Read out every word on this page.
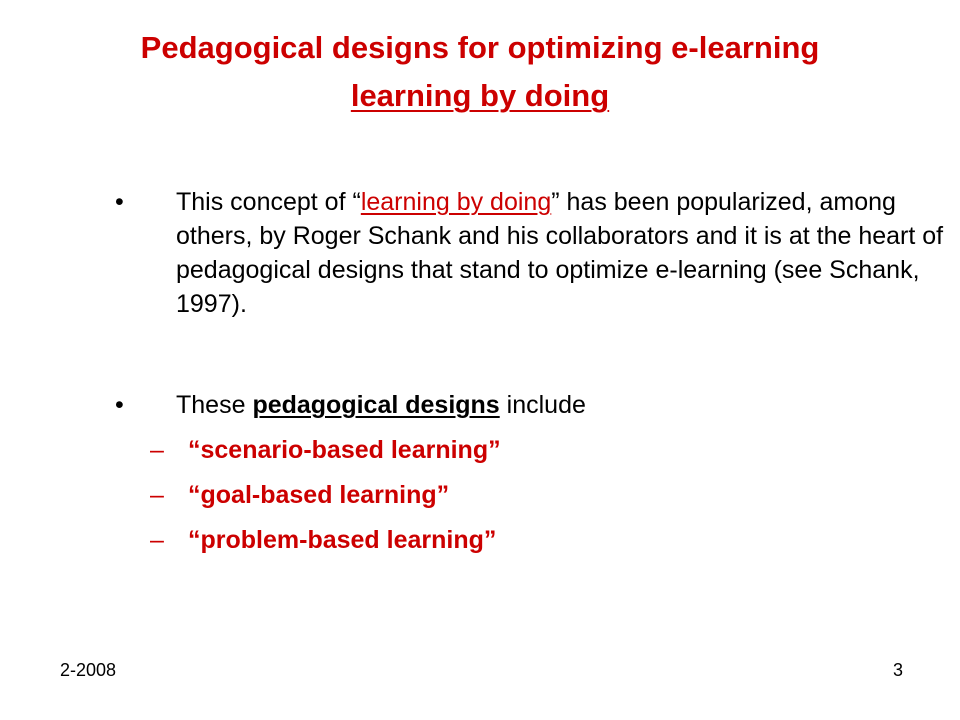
Pedagogical designs for optimizing e-learning
learning by doing
• This concept of “learning by doing” has been popularized, among others, by Roger Schank and his collaborators and it is at the heart of pedagogical designs that stand to optimize e-learning (see Schank, 1997).
• These pedagogical designs include
– “scenario-based learning”
– “goal-based learning”
– “problem-based learning”
2-2008	3
